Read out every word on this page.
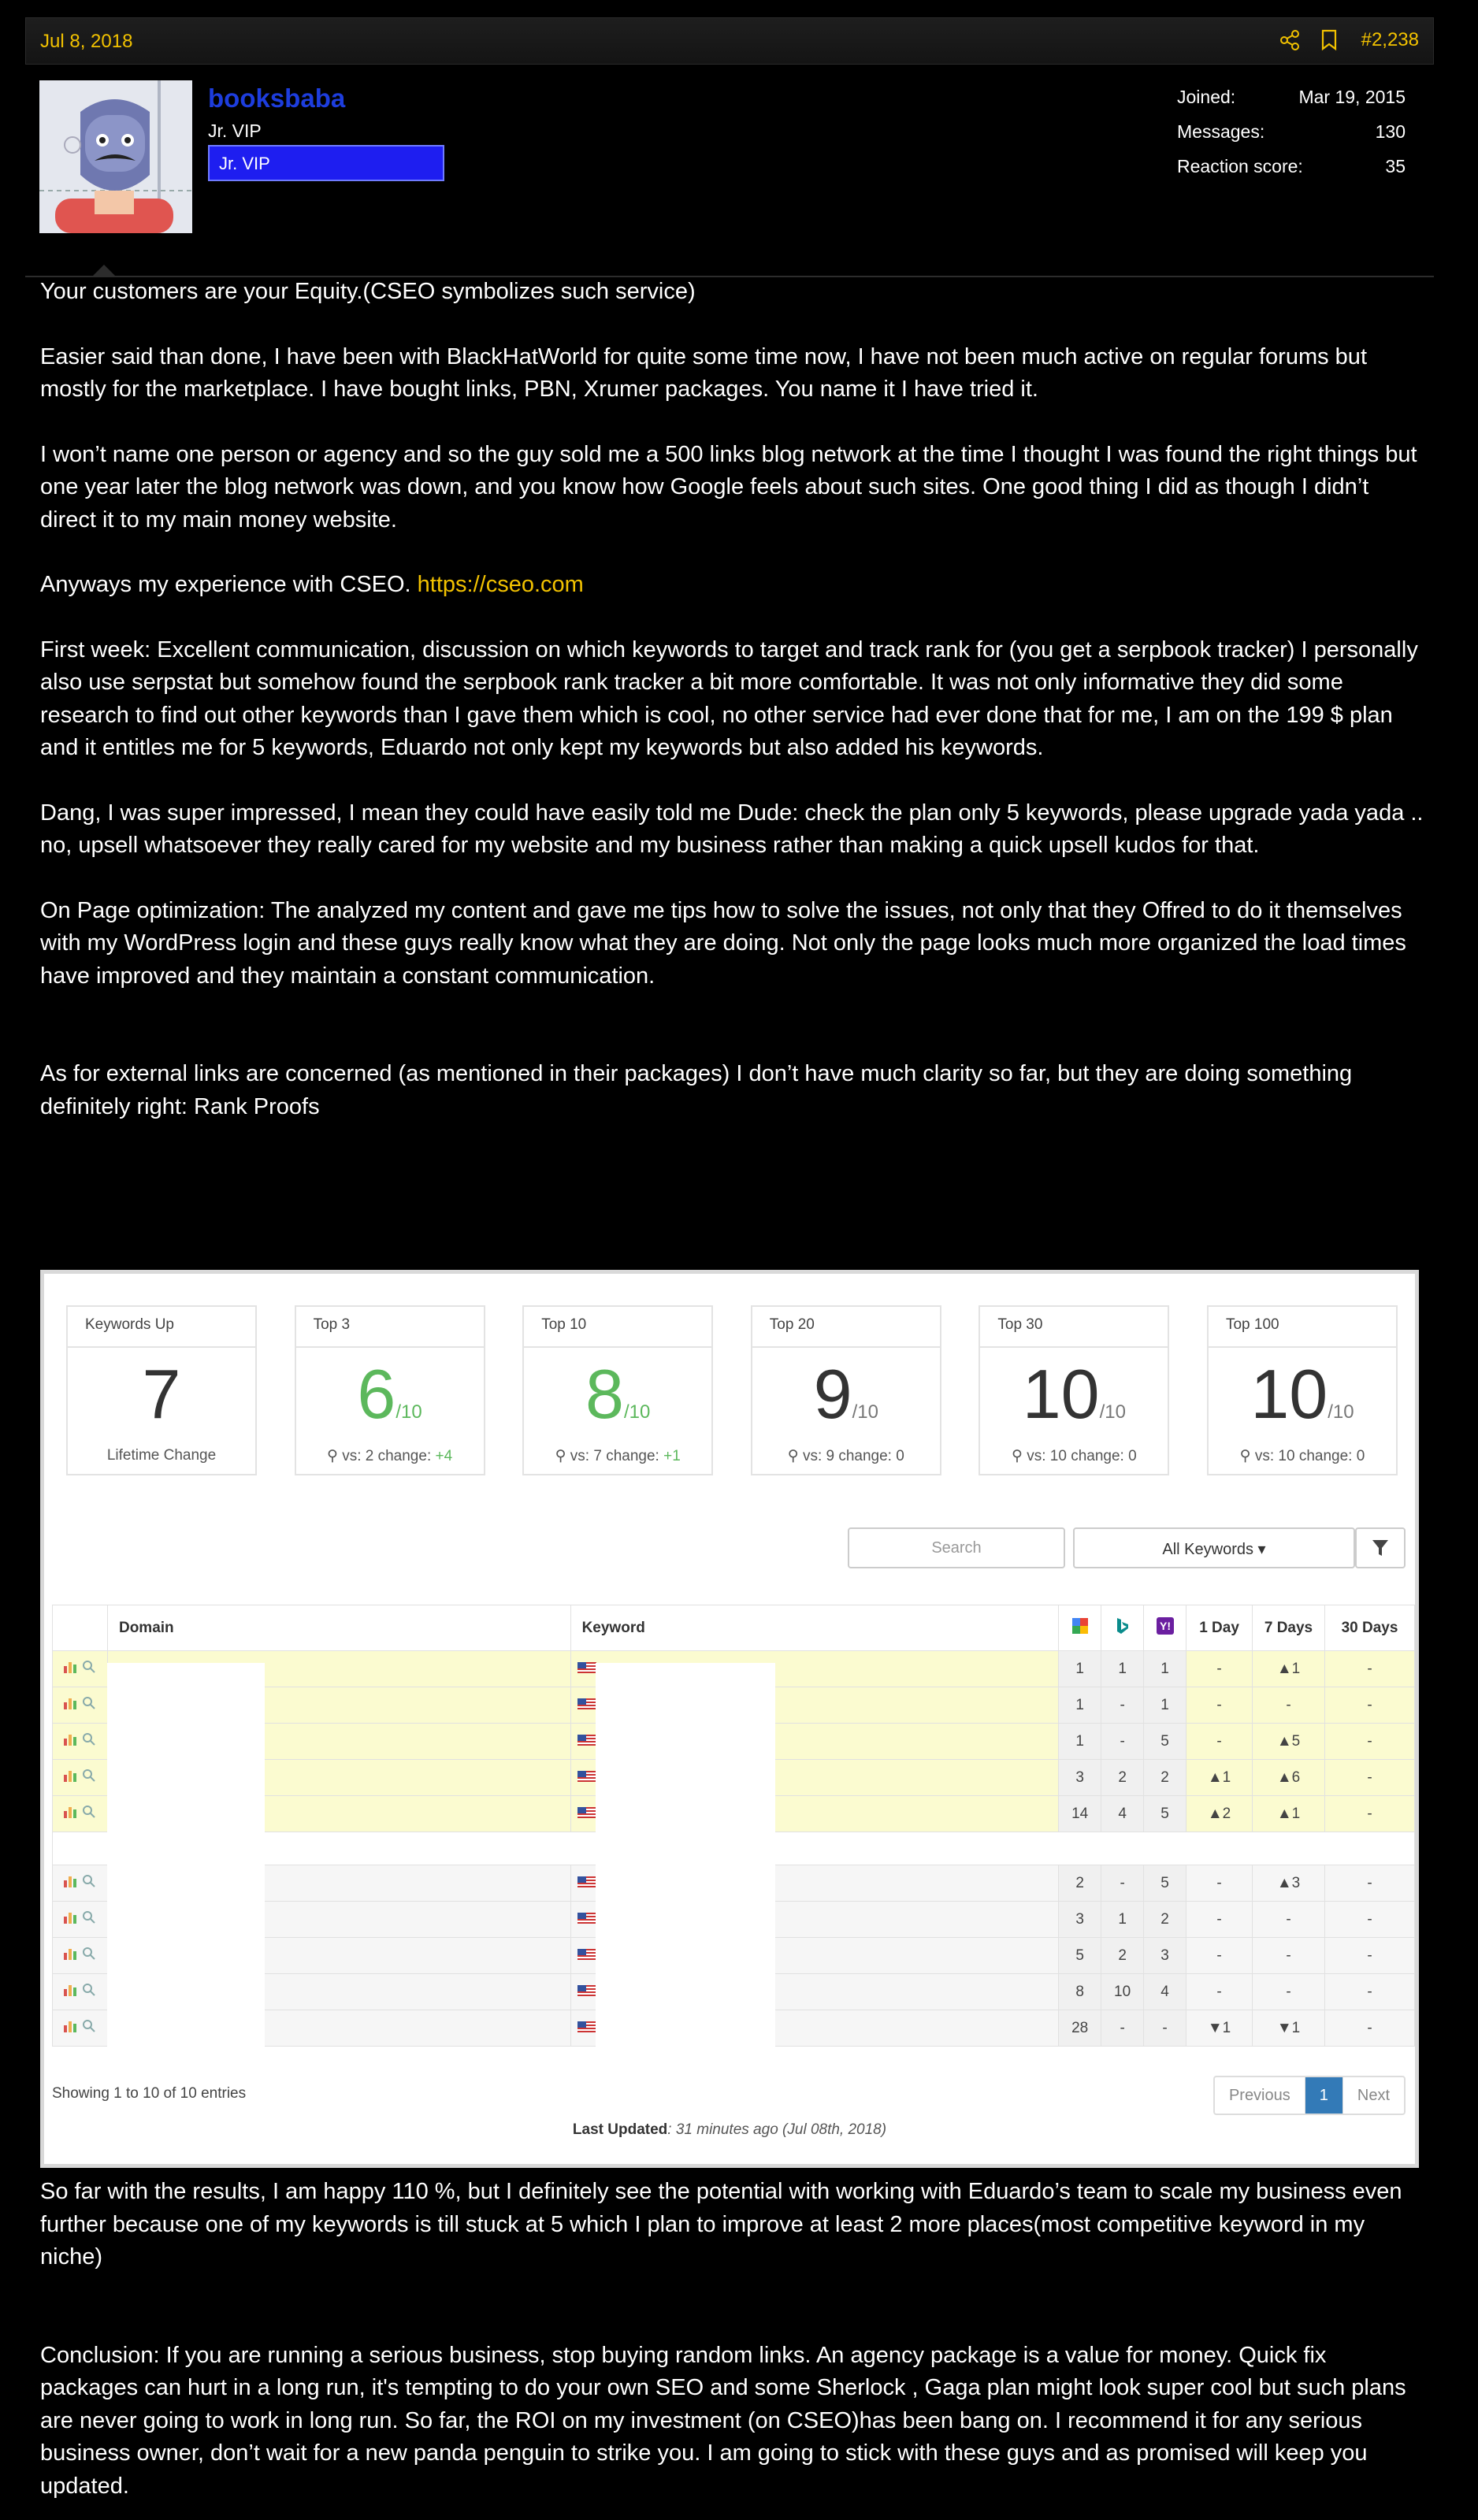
Jul 8, 2018	#2,238
booksbaba
Jr. VIP
Jr. VIP
Joined:	Mar 19, 2015
Messages:	130
Reaction score:	35

Your customers are your Equity.(CSEO symbolizes such service)

Easier said than done, I have been with BlackHatWorld for quite some time now, I have not been much active on regular forums but mostly for the marketplace. I have bought links, PBN, Xrumer packages. You name it I have tried it.

I won’t name one person or agency and so the guy sold me a 500 links blog network at the time I thought I was found the right things but one year later the blog network was down, and you know how Google feels about such sites. One good thing I did as though I didn’t direct it to my main money website.

Anyways my experience with CSEO. https://cseo.com

First week: Excellent communication, discussion on which keywords to target and track rank for (you get a serpbook tracker) I personally also use serpstat but somehow found the serpbook rank tracker a bit more comfortable. It was not only informative they did some research to find out other keywords than I gave them which is cool, no other service had ever done that for me, I am on the 199 $ plan and it entitles me for 5 keywords, Eduardo not only kept my keywords but also added his keywords.

Dang, I was super impressed, I mean they could have easily told me Dude: check the plan only 5 keywords, please upgrade yada yada .. no, upsell whatsoever they really cared for my website and my business rather than making a quick upsell kudos for that.

On Page optimization: The analyzed my content and gave me tips how to solve the issues, not only that they Offred to do it themselves with my WordPress login and these guys really know what they are doing. Not only the page looks much more organized the load times have improved and they maintain a constant communication.

As for external links are concerned (as mentioned in their packages) I don’t have much clarity so far, but they are doing something definitely right: Rank Proofs

Keywords Up
7
Lifetime Change
Top 3
6/10
⚲ vs: 2 change: +4
Top 10
8/10
⚲ vs: 7 change: +1
Top 20
9/10
⚲ vs: 9 change: 0
Top 30
10/10
⚲ vs: 10 change: 0
Top 100
10/10
⚲ vs: 10 change: 0
Search	All Keywords ▾
	Domain	Keyword			Y!	1 Day	7 Days	30 Days

			1	1	1	-	▲1	-

			1	-	1	-	-	-

			1	-	5	-	▲5	-

			3	2	2	▲1	▲6	-

			14	4	5	▲2	▲1	-

			2	-	5	-	▲3	-

			3	1	2	-	-	-

			5	2	3	-	-	-

			8	10	4	-	-	-

			28	-	-	▼1	▼1	-
Showing 1 to 10 of 10 entries	Previous	1	Next
Last Updated: 31 minutes ago (Jul 08th, 2018)

So far with the results, I am happy 110 %, but I definitely see the potential with working with Eduardo’s team to scale my business even further because one of my keywords is till stuck at 5 which I plan to improve at least 2 more places(most competitive keyword in my niche)

Conclusion: If you are running a serious business, stop buying random links. An agency package is a value for money. Quick fix packages can hurt in a long run, it's tempting to do your own SEO and some Sherlock , Gaga plan might look super cool but such plans are never going to work in long run. So far, the ROI on my investment (on CSEO)has been bang on. I recommend it for any serious business owner, don’t wait for a new panda penguin to strike you. I am going to stick with these guys and as promised will keep you updated.
